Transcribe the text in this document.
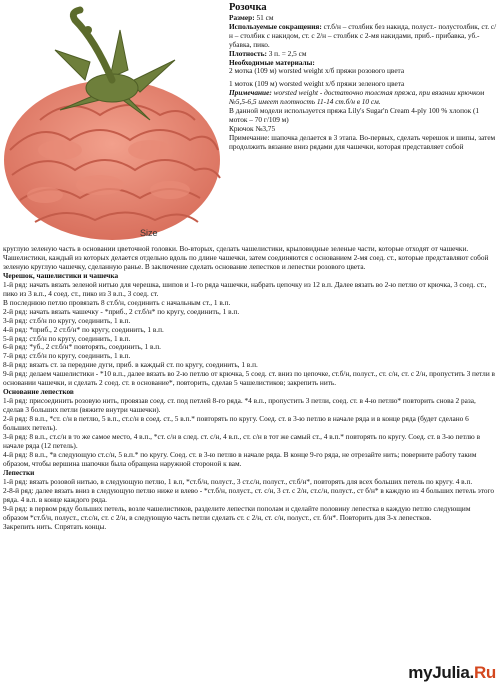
Size

Розочка

Размер: 51 см

Используемые сокращения: ст.б/н – столбик без накида, полуст.- полустолбик, ст. с/н – столбик с накидом, ст. с 2/н – столбик с 2-мя накидами, приб.- прибавка, уб.- убавка, пико.

Плотность: 3 п. = 2,5 см

Необходимые материалы:

2 мотка (109 м) worsted weight х/б пряжи розового цвета

1 моток (109 м) worsted weight х/б пряжи зеленого цвета

Примечание: worsted weight - достаточно толстая пряжа, при вязании крючком №5,5-6,5 имеет плотность 11-14 ст.б/н в 10 см.

В данной модели используется пряжа Lily's Sugar'n Cream 4-ply 100 % хлопок (1 моток – 70 г/109 м)

Крючок №3,75

Примечание: шапочка делается в 3 этапа. Во-первых, сделать черешок и шипы, затем продолжить вязание вниз рядами для чашечки, которая представляет собой

круглую зеленую часть в основании цветочной головки. Во-вторых, сделать чашелистики, крыловидные зеленые части, которые отходят от чашечки. Чашелистики, каждый из которых делается отдельно вдоль по длине чашечки, затем соединяются с основанием 2-мя соед. ст., которые представляют собой зеленую круглую чашечку, сделанную ранье. В заключение сделать основание лепестков и лепестки розового цвета.

Черешок, чашелистики и чашечка

1-й ряд: начать вязать зеленой нитью для черешка, шипов и 1-го ряда чашечки, набрать цепочку из 12 в.п. Далее вязать во 2-ю петлю от крючка, 3 соед. ст., пико из 3 в.п., 4 соед. ст., пико из 3 в.п., 3 соед. ст.

В последнюю петлю провязать 8 ст.б/н, соединить с начальным ст., 1 в.п.

2-й ряд: начать вязать чашечку - *приб., 2 ст.б/н* по кругу, соединить, 1 в.п.

3-й ряд: ст.б/н по кругу, соединить, 1 в.п.

4-й ряд: *приб., 2 ст.б/н* по кругу, соединить, 1 в.п.

5-й ряд: ст.б/н по кругу, соединить, 1 в.п.

6-й ряд: *уб., 2 ст.б/н* повторять, соединить, 1 в.п.

7-й ряд: ст.б/н по кругу, соединить, 1 в.п.

8-й ряд: вязать ст. за передние дуги, приб. в каждый ст. по кругу, соединить, 1 в.п.

9-й ряд: делаем чашелистики - *10 в.п., далее вязать во 2-ю петлю от крючка, 5 соед. ст. вниз по цепочке, ст.б/н, полуст., ст. с/н, ст. с 2/н, пропустить 3 петли в основании чашечки, и сделать 2 соед. ст. в основание*, повторить, сделав 5 чашелистиков; закрепить нить.

Основание лепестков

1-й ряд: присоединить розовую нить, провязав соед. ст. под петлей 8-го ряда. *4 в.п., пропустить 3 петли, соед. ст. в 4-ю петлю* повторить снова 2 раза, сделав 3 больших петли (вяжите внутри чашечки).

2-й ряд: 8 в.п., *ст. с/н в петлю, 5 в.п., ст.с/н в соед. ст., 5 в.п.* повторять по кругу. Соед. ст. в 3-ю петлю в начале ряда и в конце ряда (будет сделано 6 больших петель).

3-й ряд: 8 в.п., ст.с/н в то же самое место, 4 в.п., *ст. с/н в след. ст. с/н, 4 в.п., ст. с/н в тот же самый ст., 4 в.п.* повторять по кругу. Соед. ст. в 3-ю петлю в начале ряда (12 петель).

4-й ряд: 8 в.п., *в следующую ст.с/н, 5 в.п.* по кругу. Соед. ст. в 3-ю петлю в начале ряда. В конце 9-го ряда, не отрезайте нить; поверните работу таким образом, чтобы вершина шапочки была обращена наружной стороной к вам.

Лепестки

1-й ряд: вязать розовой нитью, в следующую петлю, 1 в.п, *ст.б/н, полуст., 3 ст.с/н, полуст., ст.б/н*, повторять для всех больших петель по кругу. 4 в.п.

2-8-й ряд: далее вязать вниз в следующую петлю ниже и влево - *ст.б/н, полуст., ст. с/н, 3 ст. с 2/н, ст.с/н, полуст., ст б/н* в каждую из 4 больших петель этого ряда. 4 в.п. в конце каждого ряда.

9-й ряд: в первом ряду больших петель, возле чашелистиков, разделите лепестки пополам и сделайте половину лепестка в каждую петлю следующим образом *ст.б/н, полуст., ст.с/н, ст. с 2/н, в следующую часть петли сделать ст. с 2/н, ст. с/н, полуст., ст. б/н*. Повторить для 3-х лепестков.

Закрепить нить. Спрятать концы.

myJulia.Ru
